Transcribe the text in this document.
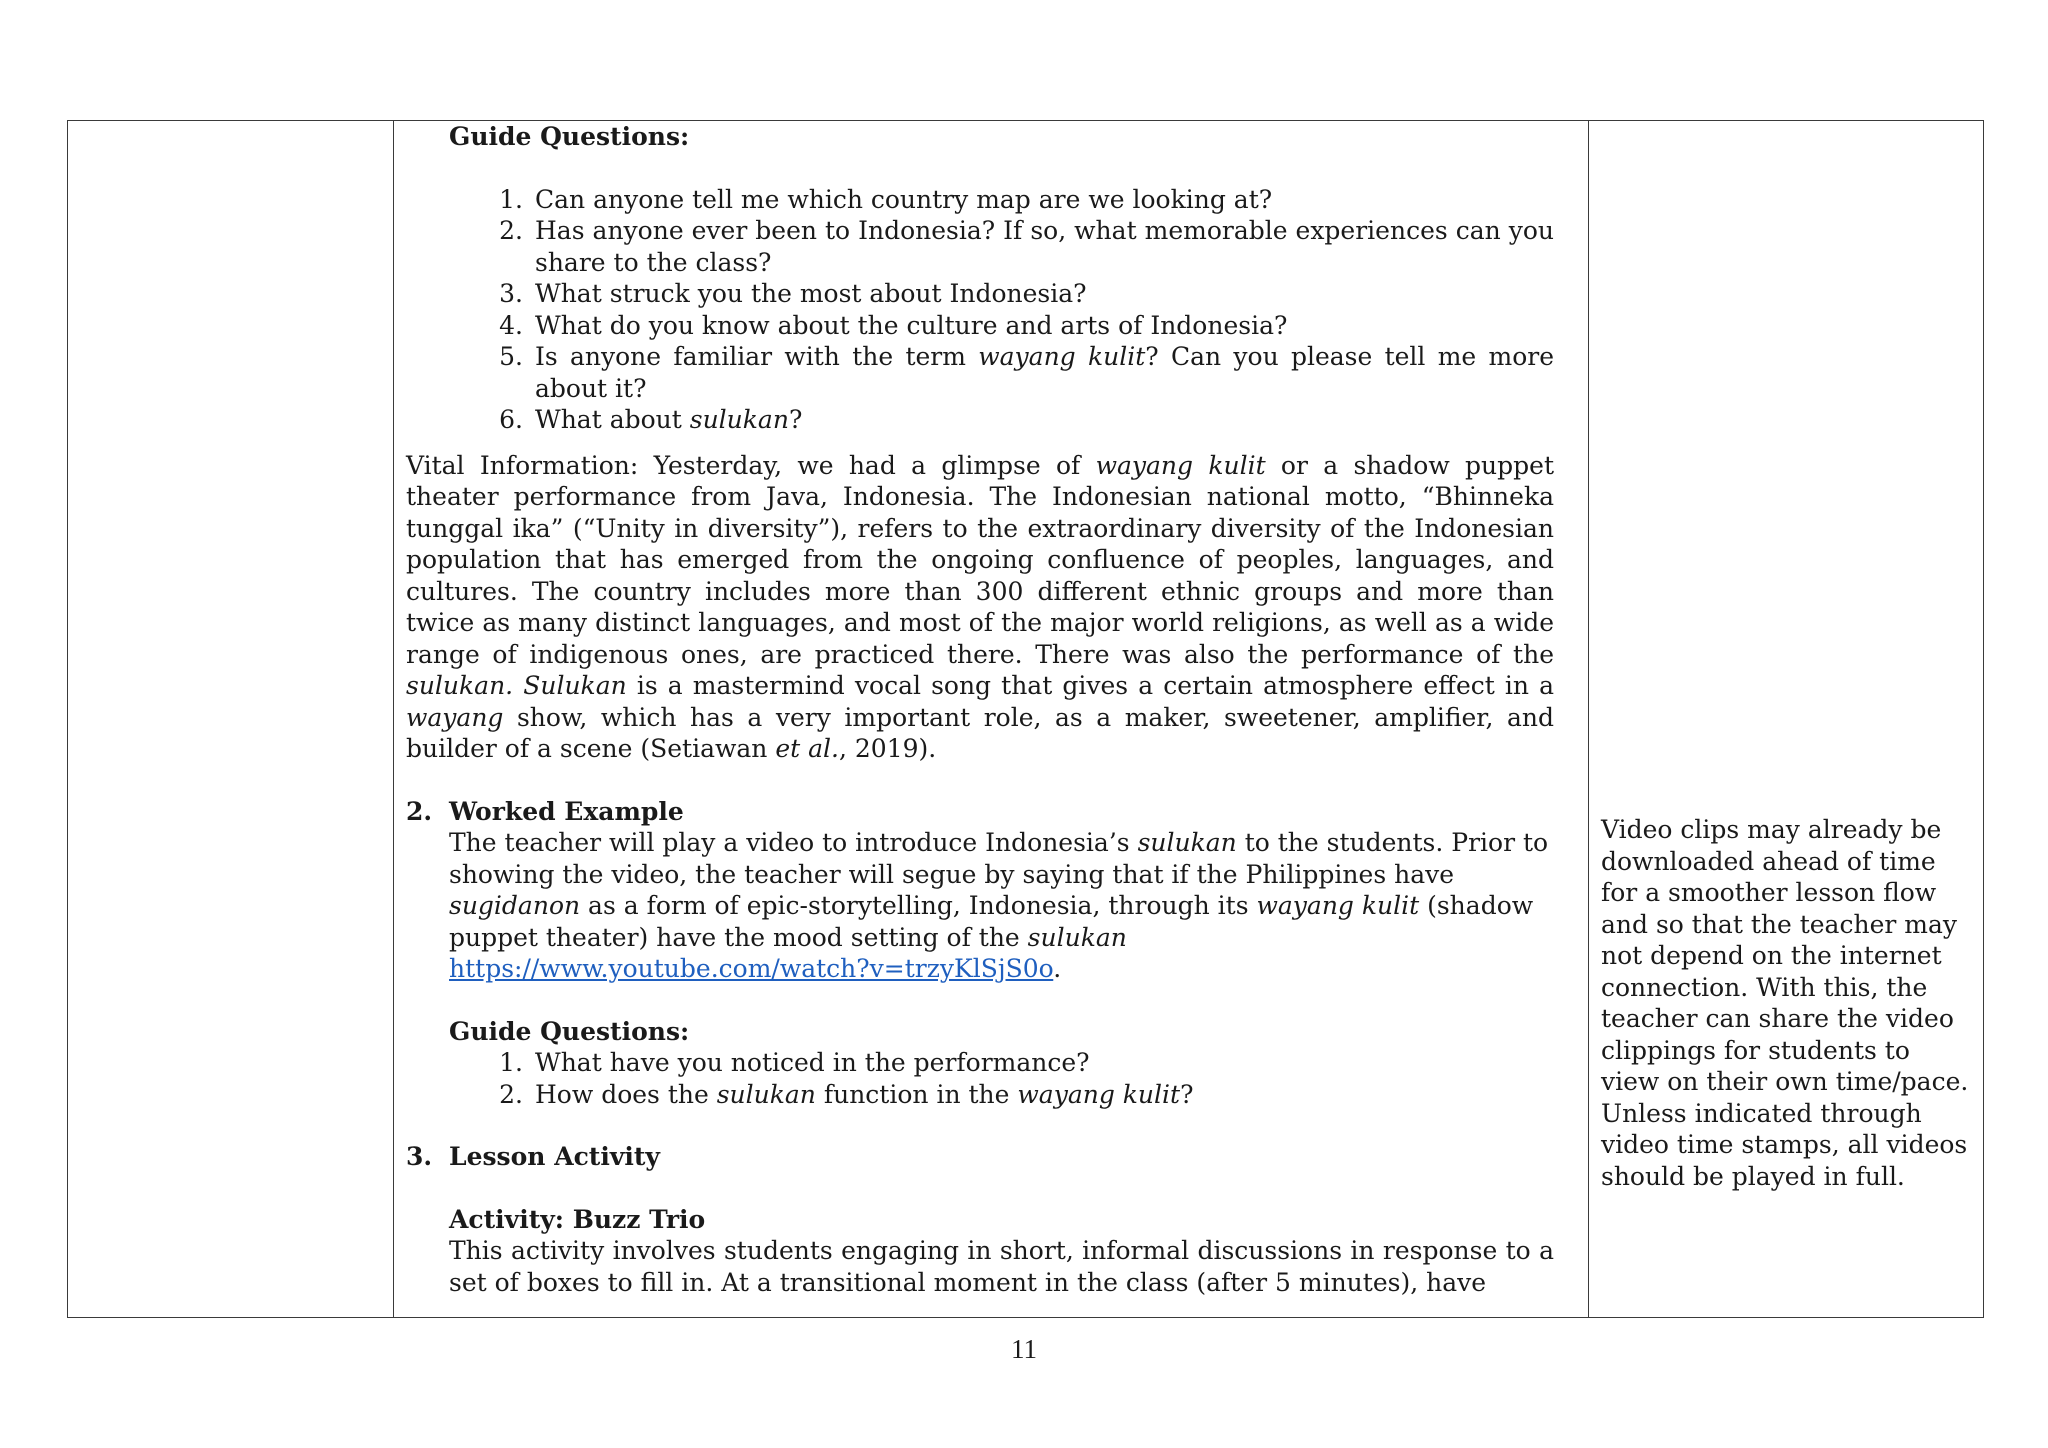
Guide Questions:

1. Can anyone tell me which country map are we looking at?
2. Has anyone ever been to Indonesia? If so, what memorable experiences can you share to the class?
3. What struck you the most about Indonesia?
4. What do you know about the culture and arts of Indonesia?
5. Is anyone familiar with the term wayang kulit? Can you please tell me more about it?
6. What about sulukan?

Vital Information: Yesterday, we had a glimpse of wayang kulit or a shadow puppet theater performance from Java, Indonesia. The Indonesian national motto, “Bhinneka tunggal ika” (“Unity in diversity”), refers to the extraordinary diversity of the Indonesian population that has emerged from the ongoing confluence of peoples, languages, and cultures. The country includes more than 300 different ethnic groups and more than twice as many distinct languages, and most of the major world religions, as well as a wide range of indigenous ones, are practiced there. There was also the performance of the sulukan. Sulukan is a mastermind vocal song that gives a certain atmosphere effect in a wayang show, which has a very important role, as a maker, sweetener, amplifier, and builder of a scene (Setiawan et al., 2019).

2. Worked Example

The teacher will play a video to introduce Indonesia’s sulukan to the students. Prior to showing the video, the teacher will segue by saying that if the Philippines have sugidanon as a form of epic-storytelling, Indonesia, through its wayang kulit (shadow puppet theater) have the mood setting of the sulukan
https://www.youtube.com/watch?v=trzyKlSjS0o.

Guide Questions:

1. What have you noticed in the performance?
2. How does the sulukan function in the wayang kulit?
3. Lesson Activity

Activity: Buzz Trio

This activity involves students engaging in short, informal discussions in response to a set of boxes to fill in. At a transitional moment in the class (after 5 minutes), have

Video clips may already be downloaded ahead of time for a smoother lesson flow and so that the teacher may not depend on the internet connection. With this, the teacher can share the video clippings for students to view on their own time/pace. Unless indicated through video time stamps, all videos should be played in full.

11
